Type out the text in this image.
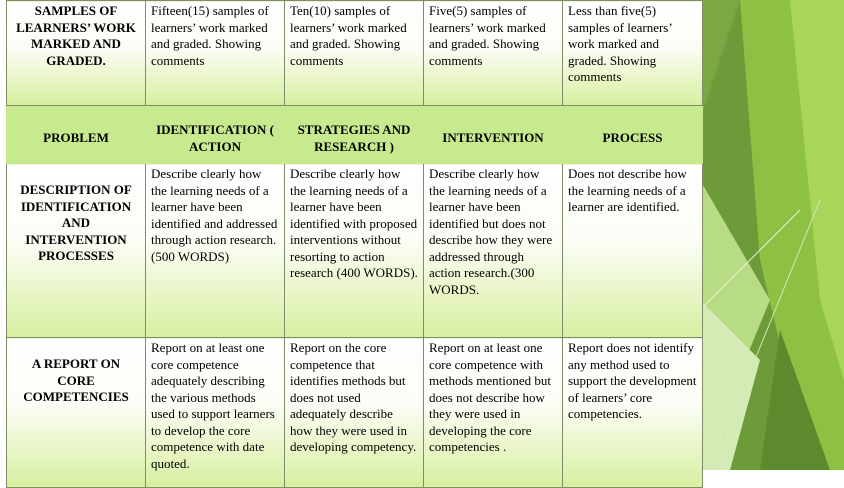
SAMPLES OF LEARNERS’ WORK MARKED AND GRADED.	Fifteen(15) samples of learners’ work marked and graded. Showing comments	Ten(10) samples of learners’ work marked and graded. Showing comments	Five(5) samples of learners’ work marked and graded. Showing comments	Less than five(5) samples of learners’ work marked and graded. Showing comments
PROBLEM	IDENTIFICATION ( ACTION	STRATEGIES AND RESEARCH )	INTERVENTION	PROCESS
DESCRIPTION OF IDENTIFICATION AND INTERVENTION PROCESSES	Describe clearly how the learning needs of a learner have been identified and addressed through action research.(500 WORDS)	Describe clearly how the learning needs of a learner have been identified with proposed interventions without resorting to action research (400 WORDS).	Describe clearly how the learning needs of a learner have been identified but does not describe how they were addressed through action research.(300 WORDS.	Does not describe how the learning needs of a learner are identified.
A REPORT ON CORE COMPETENCIES	Report on at least one core competence adequately describing the various methods used to support learners to develop the core competence with date quoted.	Report on the core competence that identifies methods but does not used adequately describe how they were used in developing competency.	Report on at least one core competence with methods mentioned but does not describe how they were used in developing the core competencies .	Report does not identify any method used to support the development of learners’ core competencies.
